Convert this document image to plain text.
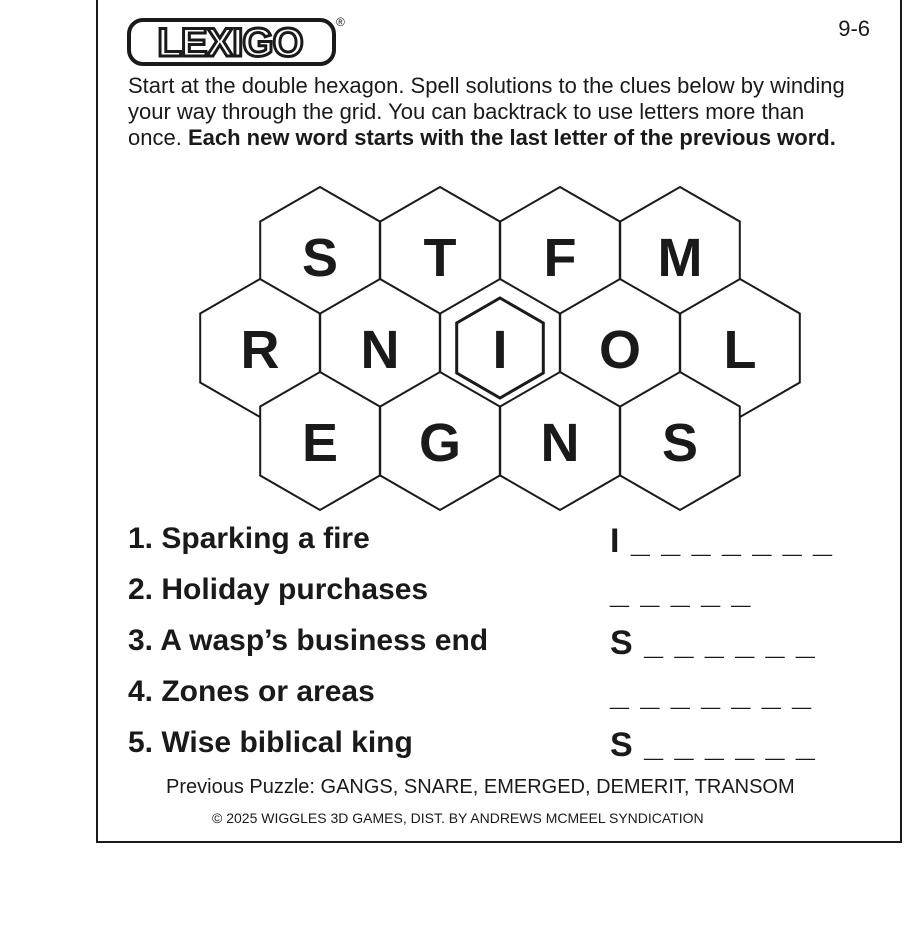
LEXIGO	®	9-6
Start at the double hexagon. Spell solutions to the clues below by winding your way through the grid. You can backtrack to use letters more than once. Each new word starts with the last letter of the previous word.
S T F M
R N I O L
E G N S
1. Sparking a fire	I _ _ _ _ _ _ _
2. Holiday purchases	_ _ _ _ _
3. A wasp’s business end	S _ _ _ _ _ _
4. Zones or areas	_ _ _ _ _ _ _
5. Wise biblical king	S _ _ _ _ _ _
Previous Puzzle: GANGS, SNARE, EMERGED, DEMERIT, TRANSOM
© 2025 WIGGLES 3D GAMES, DIST. BY ANDREWS MCMEEL SYNDICATION
